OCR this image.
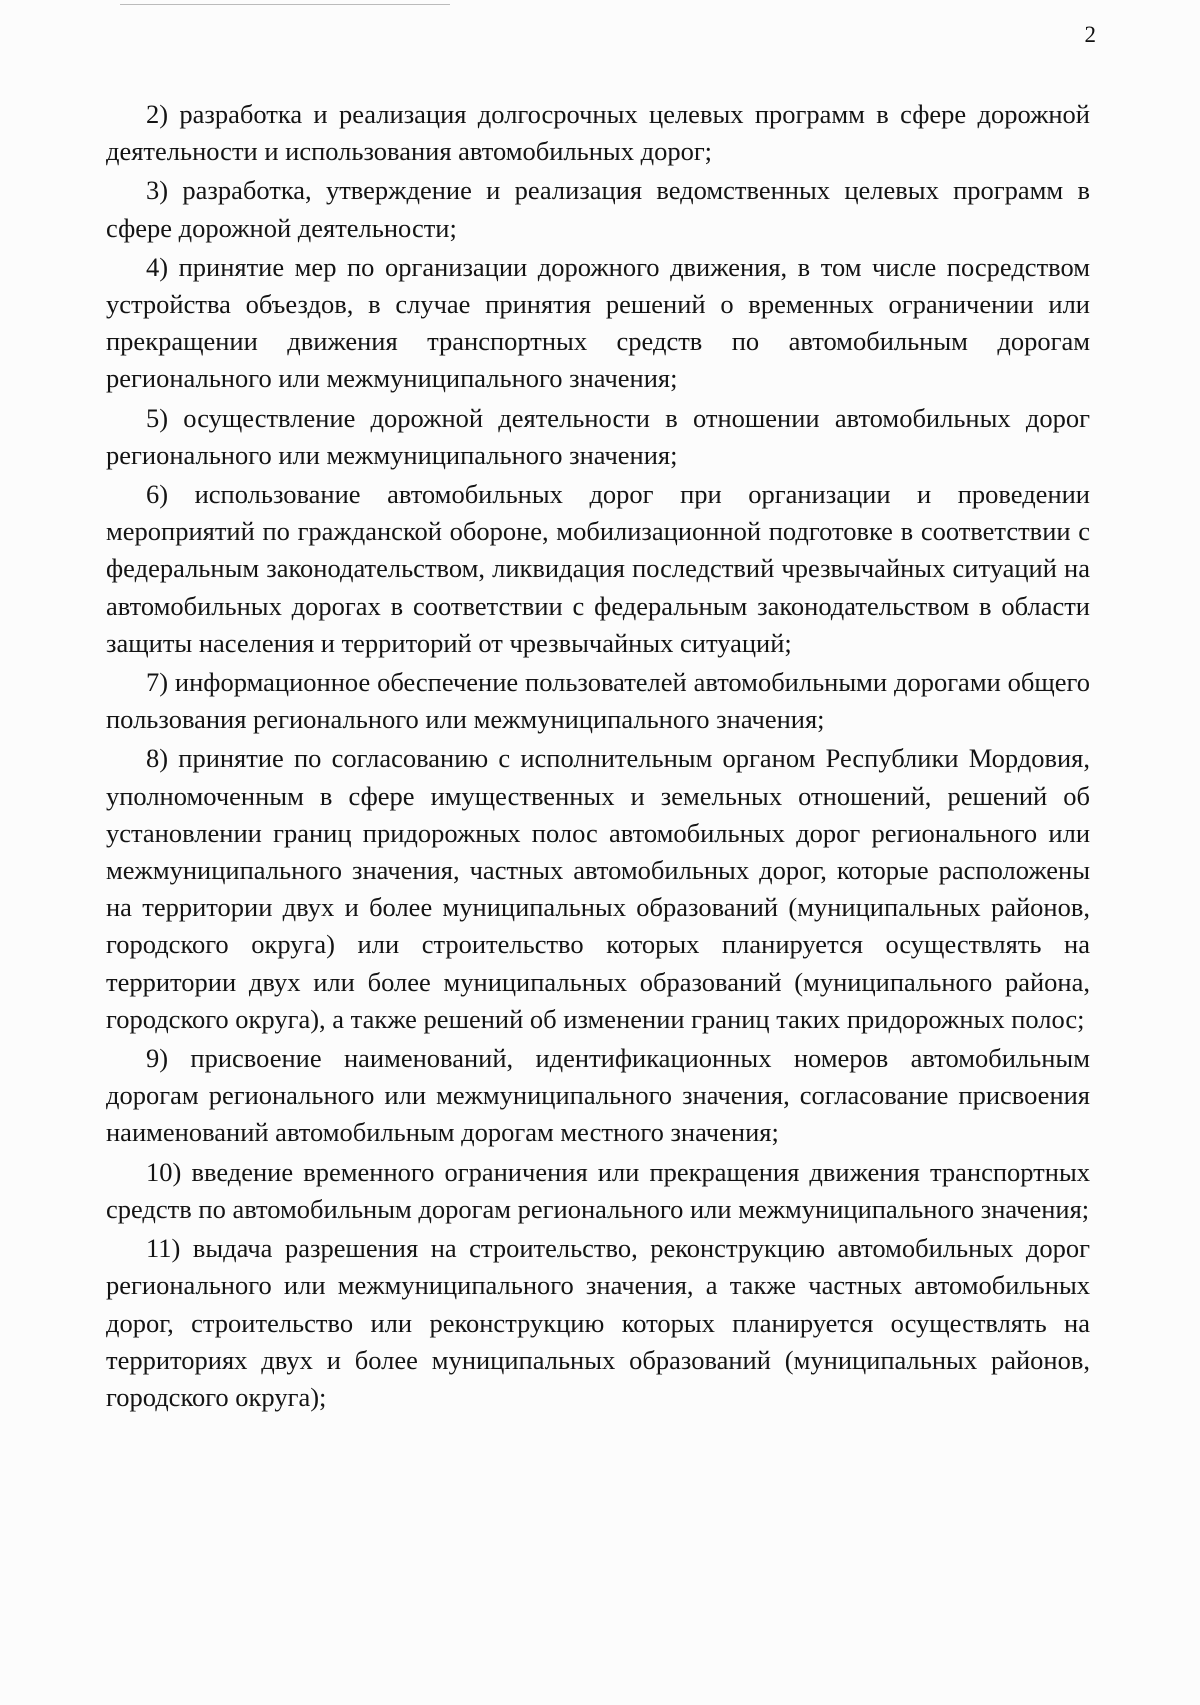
2

2) разработка и реализация долгосрочных целевых программ в сфере дорожной деятельности и использования автомобильных дорог;

3) разработка, утверждение и реализация ведомственных целевых программ в сфере дорожной деятельности;

4) принятие мер по организации дорожного движения, в том числе посредством устройства объездов, в случае принятия решений о временных ограничении или прекращении движения транспортных средств по автомобильным дорогам регионального или межмуниципального значения;

5) осуществление дорожной деятельности в отношении автомобильных дорог регионального или межмуниципального значения;

6) использование автомобильных дорог при организации и проведении мероприятий по гражданской обороне, мобилизационной подготовке в соответствии с федеральным законодательством, ликвидация последствий чрезвычайных ситуаций на автомобильных дорогах в соответствии с федеральным законодательством в области защиты населения и территорий от чрезвычайных ситуаций;

7) информационное обеспечение пользователей автомобильными дорогами общего пользования регионального или межмуниципального значения;

8) принятие по согласованию с исполнительным органом Республики Мордовия, уполномоченным в сфере имущественных и земельных отношений, решений об установлении границ придорожных полос автомобильных дорог регионального или межмуниципального значения, частных автомобильных дорог, которые расположены на территории двух и более муниципальных образований (муниципальных районов, городского округа) или строительство которых планируется осуществлять на территории двух или более муниципальных образований (муниципального района, городского округа), а также решений об изменении границ таких придорожных полос;

9) присвоение наименований, идентификационных номеров автомобильным дорогам регионального или межмуниципального значения, согласование присвоения наименований автомобильным дорогам местного значения;

10) введение временного ограничения или прекращения движения транспортных средств по автомобильным дорогам регионального или межмуниципального значения;

11) выдача разрешения на строительство, реконструкцию автомобильных дорог регионального или межмуниципального значения, а также частных автомобильных дорог, строительство или реконструкцию которых планируется осуществлять на территориях двух и более муниципальных образований (муниципальных районов, городского округа);
